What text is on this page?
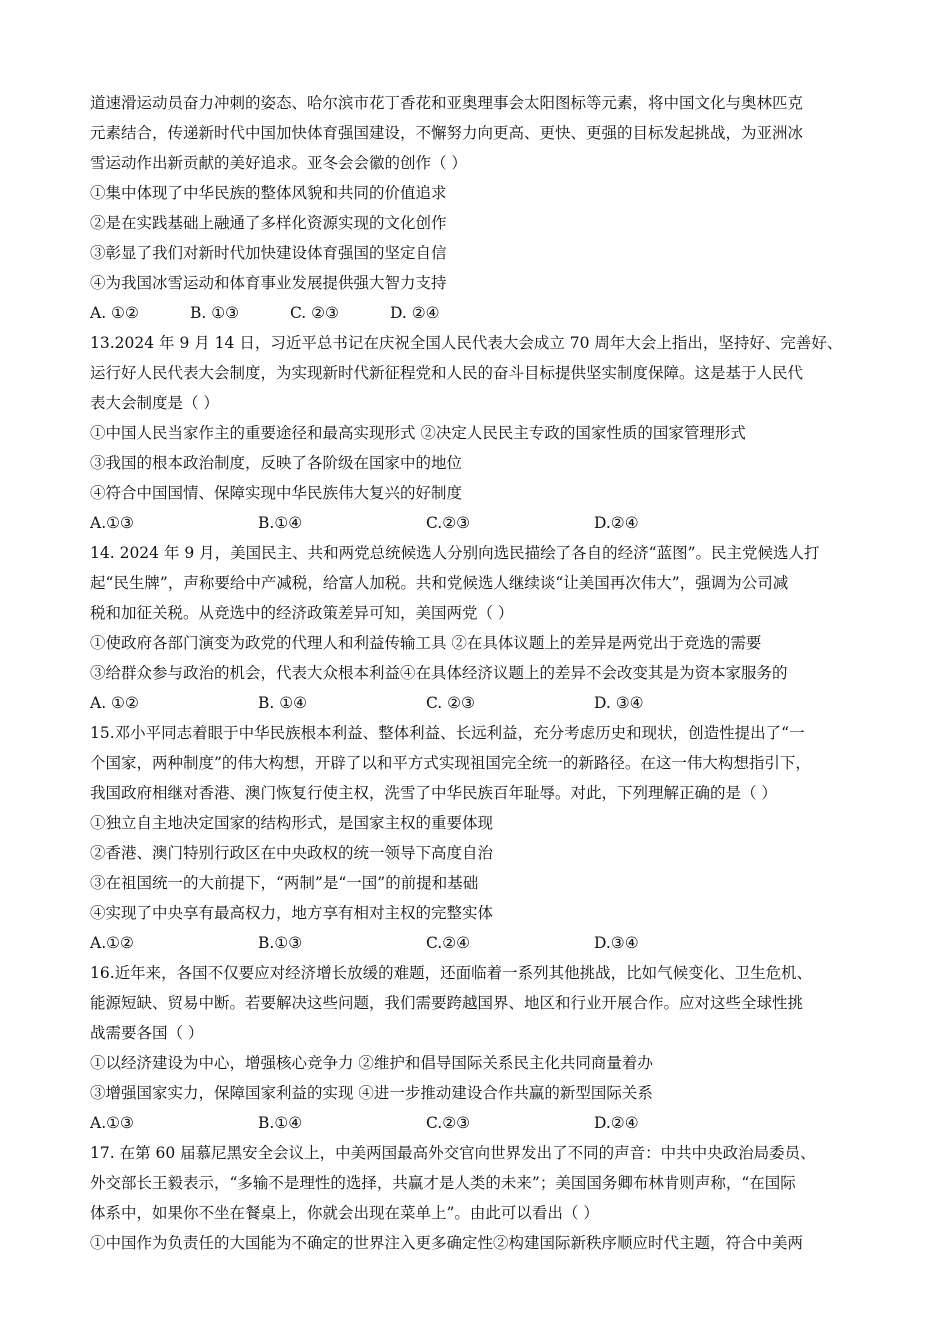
道速滑运动员奋力冲刺的姿态、哈尔滨市花丁香花和亚奥理事会太阳图标等元素，将中国文化与奥林匹克
元素结合，传递新时代中国加快体育强国建设，不懈努力向更高、更快、更强的目标发起挑战，为亚洲冰
雪运动作出新贡献的美好追求。亚冬会会徽的创作（ ）
①集中体现了中华民族的整体风貌和共同的价值追求
②是在实践基础上融通了多样化资源实现的文化创作
③彰显了我们对新时代加快建设体育强国的坚定自信
④为我国冰雪运动和体育事业发展提供强大智力支持
A. ①②	B. ①③	C. ②③	D. ②④
13.2024 年 9 月 14 日，习近平总书记在庆祝全国人民代表大会成立 70 周年大会上指出，坚持好、完善好、
运行好人民代表大会制度，为实现新时代新征程党和人民的奋斗目标提供坚实制度保障。这是基于人民代
表大会制度是（ ）
①中国人民当家作主的重要途径和最高实现形式 ②决定人民民主专政的国家性质的国家管理形式
③我国的根本政治制度，反映了各阶级在国家中的地位
④符合中国国情、保障实现中华民族伟大复兴的好制度
A.①③	B.①④	C.②③	D.②④
14. 2024 年 9 月，美国民主、共和两党总统候选人分别向选民描绘了各自的经济“蓝图”。民主党候选人打
起“民生牌”，声称要给中产减税，给富人加税。共和党候选人继续谈“让美国再次伟大”，强调为公司减
税和加征关税。从竞选中的经济政策差异可知，美国两党（ ）
①使政府各部门演变为政党的代理人和利益传输工具 ②在具体议题上的差异是两党出于竞选的需要
③给群众参与政治的机会，代表大众根本利益④在具体经济议题上的差异不会改变其是为资本家服务的
A. ①②	B. ①④	C. ②③	D. ③④
15.邓小平同志着眼于中华民族根本利益、整体利益、长远利益，充分考虑历史和现状，创造性提出了“一
个国家，两种制度”的伟大构想，开辟了以和平方式实现祖国完全统一的新路径。在这一伟大构想指引下，
我国政府相继对香港、澳门恢复行使主权，洗雪了中华民族百年耻辱。对此，下列理解正确的是（ ）
①独立自主地决定国家的结构形式，是国家主权的重要体现
②香港、澳门特别行政区在中央政权的统一领导下高度自治
③在祖国统一的大前提下，“两制”是“一国”的前提和基础
④实现了中央享有最高权力，地方享有相对主权的完整实体
A.①②	B.①③	C.②④	D.③④
16.近年来，各国不仅要应对经济增长放缓的难题，还面临着一系列其他挑战，比如气候变化、卫生危机、
能源短缺、贸易中断。若要解决这些问题，我们需要跨越国界、地区和行业开展合作。应对这些全球性挑
战需要各国（ ）
①以经济建设为中心，增强核心竞争力 ②维护和倡导国际关系民主化共同商量着办
③增强国家实力，保障国家利益的实现 ④进一步推动建设合作共赢的新型国际关系
A.①③	B.①④	C.②③	D.②④
17. 在第 60 届慕尼黑安全会议上，中美两国最高外交官向世界发出了不同的声音：中共中央政治局委员、
外交部长王毅表示，“多输不是理性的选择，共赢才是人类的未来”；美国国务卿布林肯则声称，“在国际
体系中，如果你不坐在餐桌上，你就会出现在菜单上”。由此可以看出（ ）
①中国作为负责任的大国能为不确定的世界注入更多确定性②构建国际新秩序顺应时代主题，符合中美两
